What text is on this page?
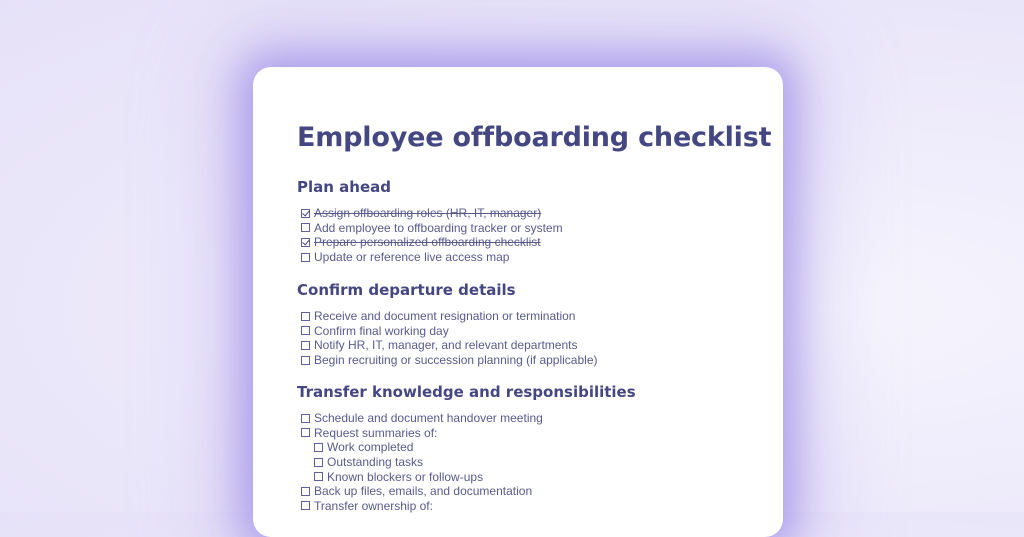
Employee offboarding checklist
Plan ahead
Assign offboarding roles (HR, IT, manager)
Add employee to offboarding tracker or system
Prepare personalized offboarding checklist
Update or reference live access map
Confirm departure details
Receive and document resignation or termination
Confirm final working day
Notify HR, IT, manager, and relevant departments
Begin recruiting or succession planning (if applicable)
Transfer knowledge and responsibilities
Schedule and document handover meeting
Request summaries of:
Work completed
Outstanding tasks
Known blockers or follow-ups
Back up files, emails, and documentation
Transfer ownership of:
